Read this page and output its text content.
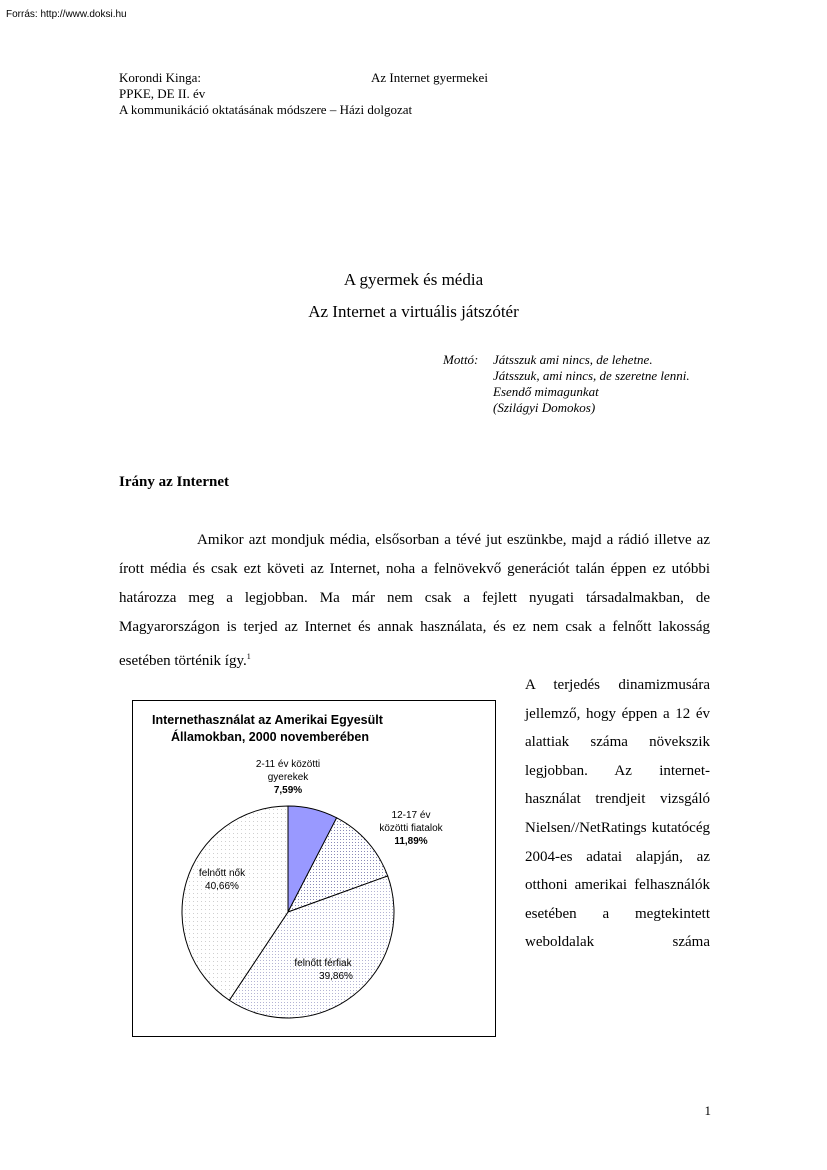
Forrás: http://www.doksi.hu
Korondi Kinga:	Az Internet gyermekei
PPKE, DE II. év
A kommunikáció oktatásának módszere – Házi dolgozat
A gyermek és média
Az Internet a virtuális játszótér
Mottó: Játsszuk ami nincs, de lehetne.
Játsszuk, ami nincs, de szeretne lenni.
Esendő mimagunkat
(Szilágyi Domokos)
Irány az Internet

Amikor azt mondjuk média, elsősorban a tévé jut eszünkbe, majd a rádió illetve az írott média és csak ezt követi az Internet, noha a felnövekvő generációt talán éppen ez utóbbi határozza meg a legjobban. Ma már nem csak a fejlett nyugati társadalmakban, de Magyarországon is terjed az Internet és annak használata, és ez nem csak a felnőtt lakosság esetében történik így.$^1$

A terjedés dinamizmusára jellemző, hogy éppen a 12 év alattiak száma növekszik legjobban. Az internet-használat trendjeit vizsgáló Nielsen//NetRatings kutatócég 2004-es adatai alapján, az otthoni amerikai felhasználók esetében a megtekintett weboldalak száma

Internethasználat az Amerikai Egyesült
Államokban, 2000 novemberében
2-11 év közötti
gyerekek
7,59%
12-17 év
közötti fiatalok
11,89%
felnőtt férfiak
39,86%
felnőtt nők
40,66%
1
